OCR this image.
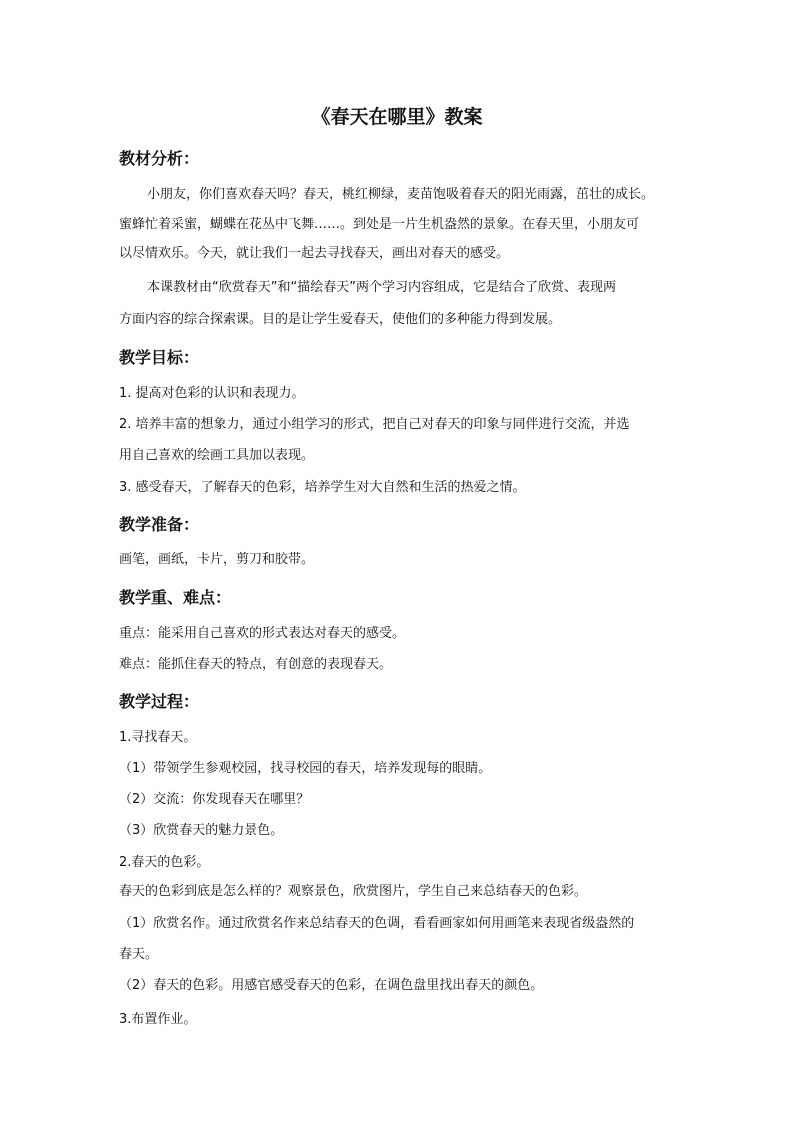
《春天在哪里》教案
教材分析：
小朋友，你们喜欢春天吗？春天，桃红柳绿，麦苗饱吸着春天的阳光雨露，茁壮的成长。
蜜蜂忙着采蜜，蝴蝶在花丛中飞舞……。到处是一片生机盎然的景象。在春天里，小朋友可
以尽情欢乐。今天，就让我们一起去寻找春天，画出对春天的感受。
本课教材由“欣赏春天”和“描绘春天”两个学习内容组成，它是结合了欣赏、表现两
方面内容的综合探索课。目的是让学生爱春天，使他们的多种能力得到发展。
教学目标：
1. 提高对色彩的认识和表现力。
2. 培养丰富的想象力，通过小组学习的形式，把自己对春天的印象与同伴进行交流，并选
用自己喜欢的绘画工具加以表现。
3. 感受春天，了解春天的色彩，培养学生对大自然和生活的热爱之情。
教学准备：
画笔，画纸，卡片，剪刀和胶带。
教学重、难点：
重点：能采用自己喜欢的形式表达对春天的感受。
难点：能抓住春天的特点，有创意的表现春天。
教学过程：
1.寻找春天。
（1）带领学生参观校园，找寻校园的春天，培养发现每的眼睛。
（2）交流：你发现春天在哪里？
（3）欣赏春天的魅力景色。
2.春天的色彩。
春天的色彩到底是怎么样的？观察景色，欣赏图片，学生自己来总结春天的色彩。
（1）欣赏名作。通过欣赏名作来总结春天的色调，看看画家如何用画笔来表现省级盎然的
春天。
（2）春天的色彩。用感官感受春天的色彩，在调色盘里找出春天的颜色。
3.布置作业。
